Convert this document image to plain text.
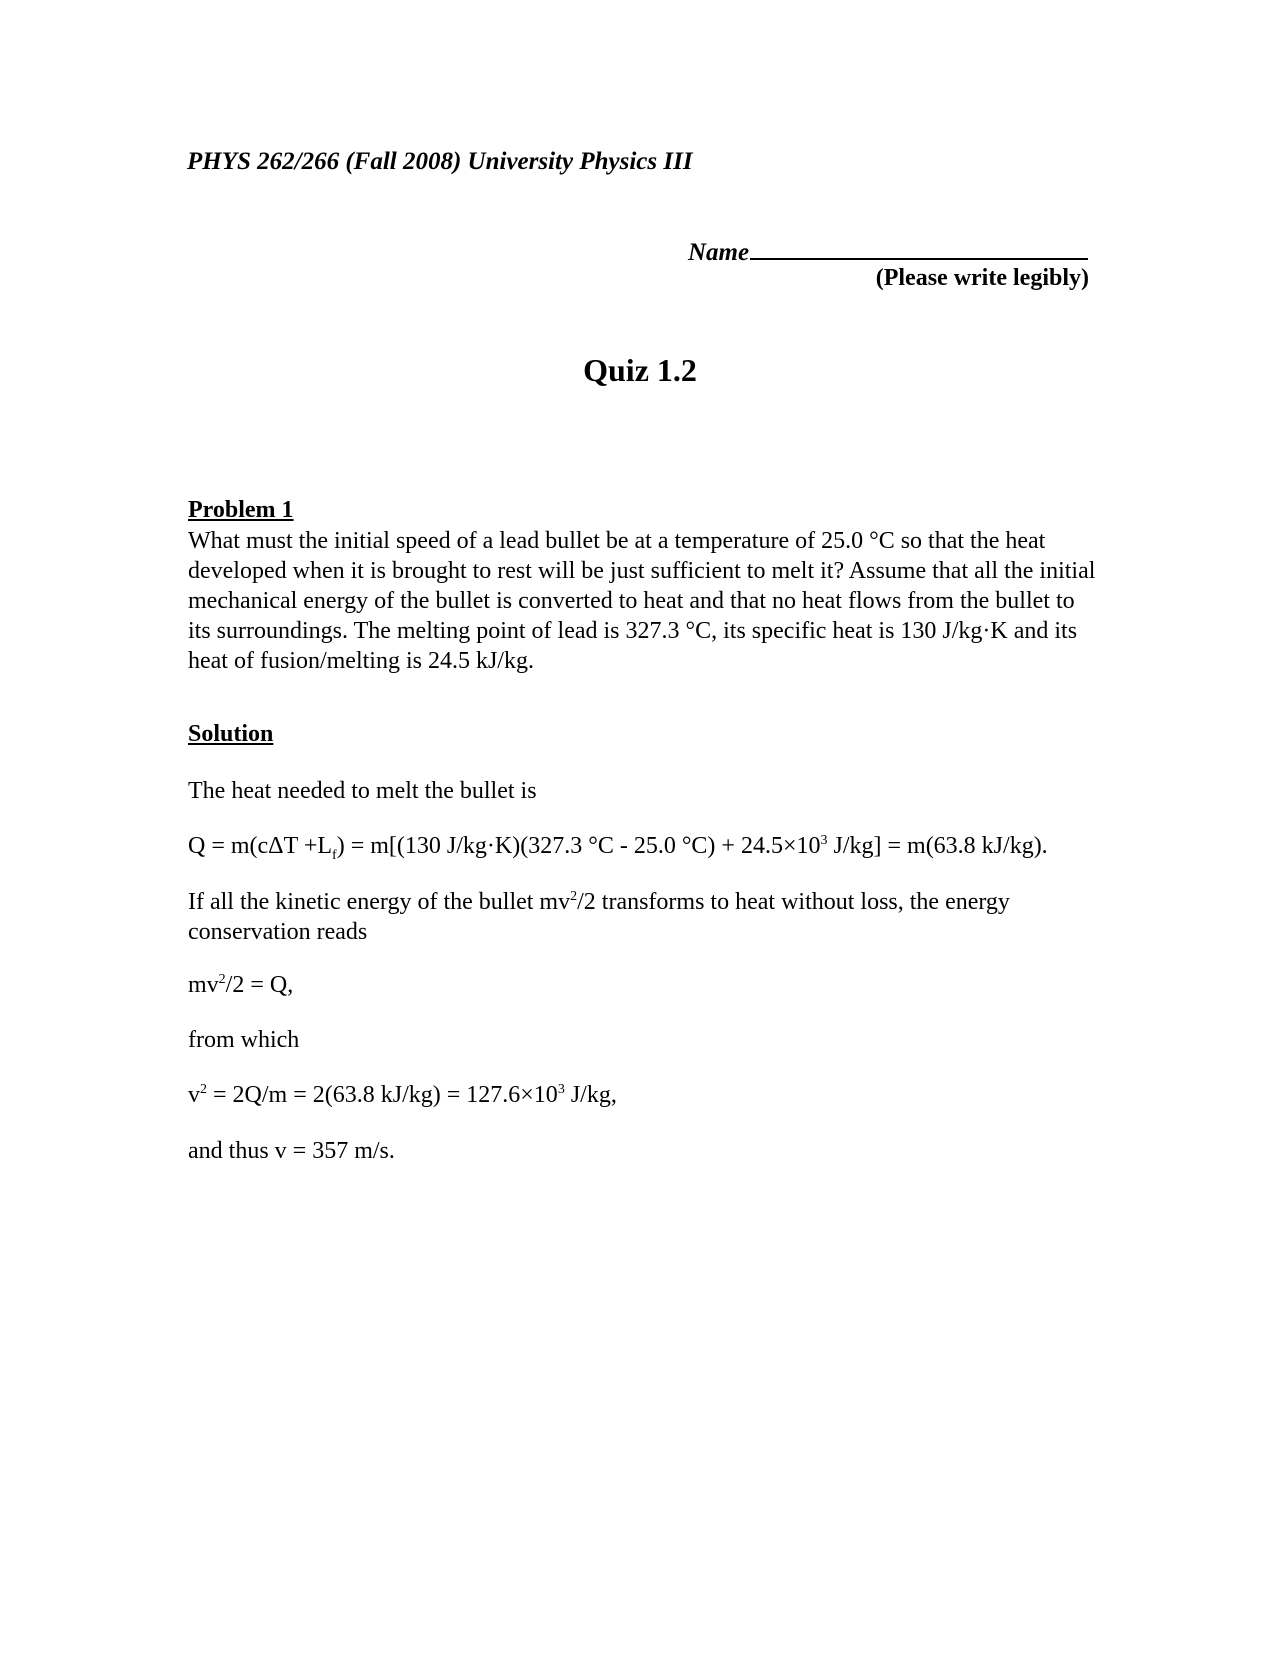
PHYS 262/266 (Fall 2008) University Physics III

Name
(Please write legibly)
Quiz 1.2
Problem 1

What must the initial speed of a lead bullet be at a temperature of 25.0 °C so that the heat developed when it is brought to rest will be just sufficient to melt it? Assume that all the initial mechanical energy of the bullet is converted to heat and that no heat flows from the bullet to its surroundings. The melting point of lead is 327.3 °C, its specific heat is 130 J/kg·K and its heat of fusion/melting is 24.5 kJ/kg.

Solution

The heat needed to melt the bullet is

$Q = m(c\Delta T +L_f) = m[(130$ J/kg·K)(327.3 °C - 25.0 $^\circ C) + 24.5\times 10^3$ J/kg] = m(63.8 kJ/kg).

If all the kinetic energy of the bullet $mv^2/2$ transforms to heat without loss, the energy conservation reads

$mv^2/2 = Q$,

from which

$v^2 = 2Q/m = 2(63.8$ $kJ/kg) = 127.6\times 10^3$ J/kg,

and thus v = 357 m/s.
